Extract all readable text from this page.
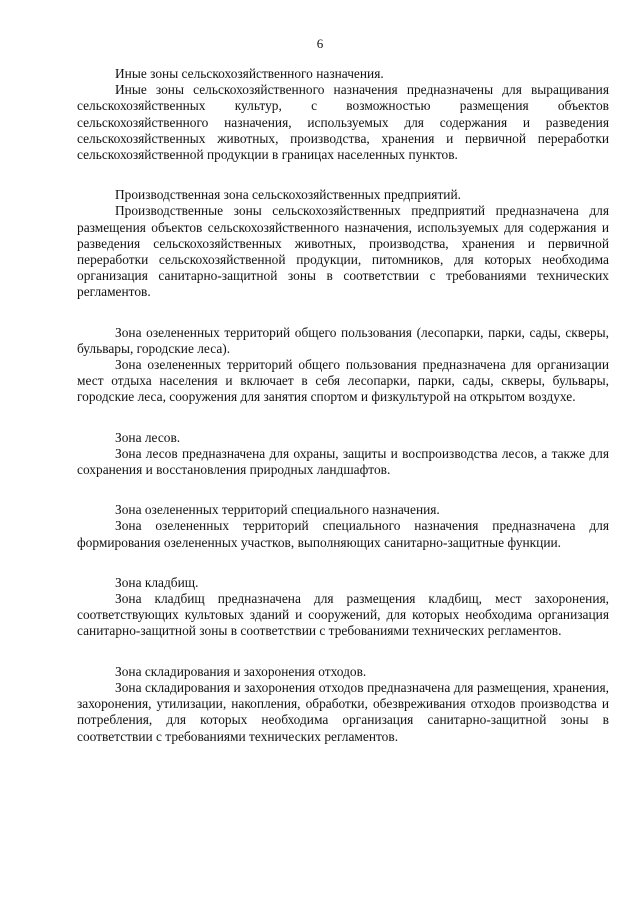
6

Иные зоны сельскохозяйственного назначения.

Иные зоны сельскохозяйственного назначения предназначены для выращивания сельскохозяйственных культур, с возможностью размещения объектов сельскохозяйственного назначения, используемых для содержания и разведения сельскохозяйственных животных, производства, хранения и первичной переработки сельскохозяйственной продукции в границах населенных пунктов.

Производственная зона сельскохозяйственных предприятий.

Производственные зоны сельскохозяйственных предприятий предназначена для размещения объектов сельскохозяйственного назначения, используемых для содержания и разведения сельскохозяйственных животных, производства, хранения и первичной переработки сельскохозяйственной продукции, питомников, для которых необходима организация санитарно-защитной зоны в соответствии с требованиями технических регламентов.

Зона озелененных территорий общего пользования (лесопарки, парки, сады, скверы, бульвары, городские леса).

Зона озелененных территорий общего пользования предназначена для организации мест отдыха населения и включает в себя лесопарки, парки, сады, скверы, бульвары, городские леса, сооружения для занятия спортом и физкультурой на открытом воздухе.

Зона лесов.

Зона лесов предназначена для охраны, защиты и воспроизводства лесов, а также для сохранения и восстановления природных ландшафтов.

Зона озелененных территорий специального назначения.

Зона озелененных территорий специального назначения предназначена для формирования озелененных участков, выполняющих санитарно-защитные функции.

Зона кладбищ.

Зона кладбищ предназначена для размещения кладбищ, мест захоронения, соответствующих культовых зданий и сооружений, для которых необходима организация санитарно-защитной зоны в соответствии с требованиями технических регламентов.

Зона складирования и захоронения отходов.

Зона складирования и захоронения отходов предназначена для размещения, хранения, захоронения, утилизации, накопления, обработки, обезвреживания отходов производства и потребления, для которых необходима организация санитарно-защитной зоны в соответствии с требованиями технических регламентов.
